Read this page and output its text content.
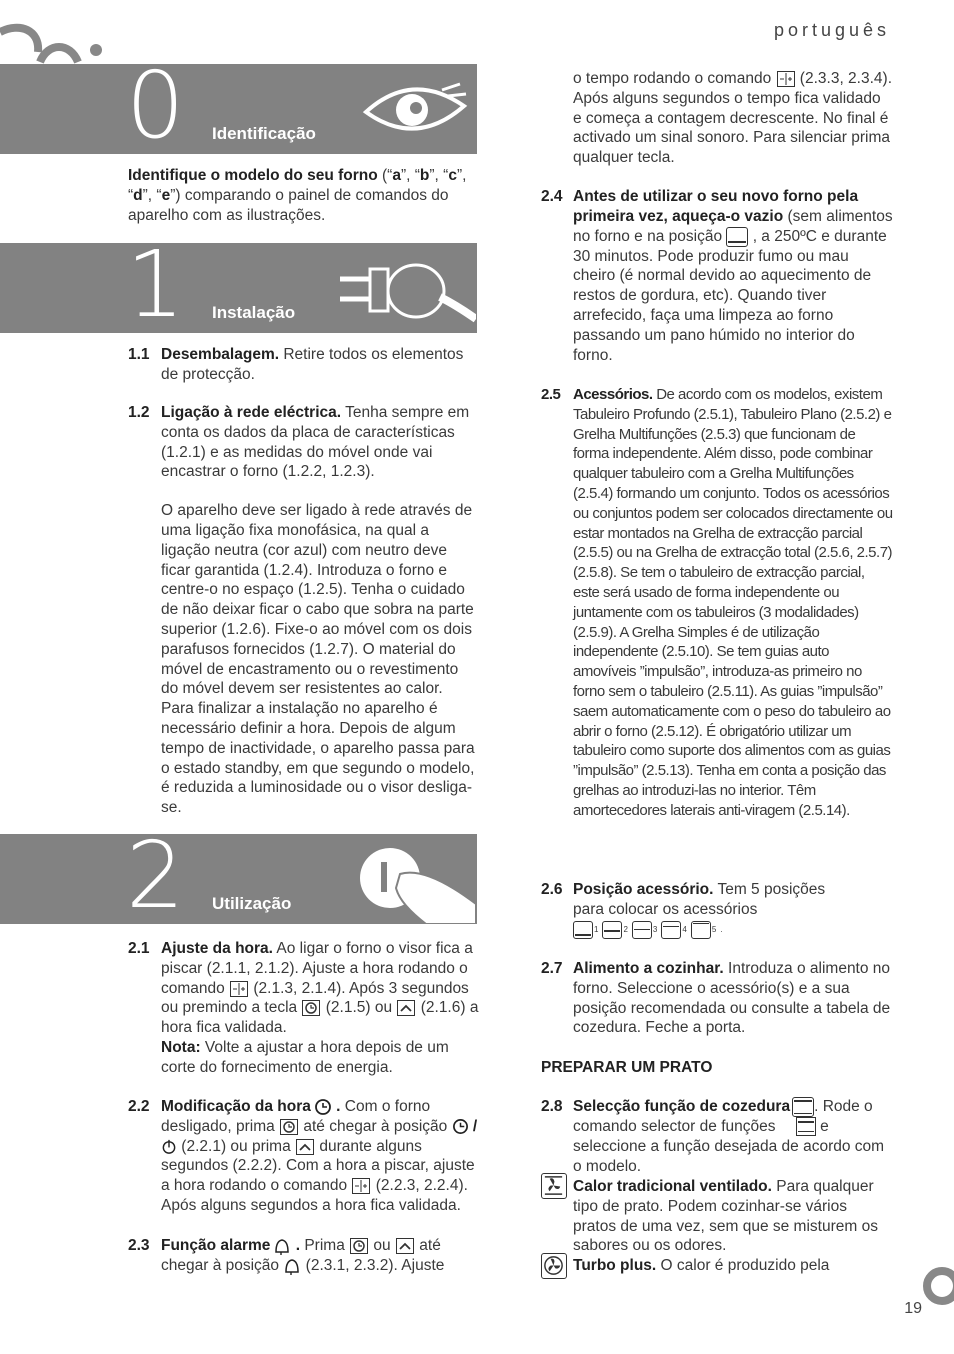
português
0 Identificação
Identifique o modelo do seu forno (“a”, “b”, “c”, “d”, “e”) comparando o painel de comandos do aparelho com as ilustrações.
1 Instalação
1.1 Desembalagem. Retire todos os elementos de protecção.
1.2 Ligação à rede eléctrica. Tenha sempre em conta os dados da placa de características (1.2.1) e as medidas do móvel onde vai encastrar o forno (1.2.2, 1.2.3).
O aparelho deve ser ligado à rede através de uma ligação fixa monofásica, na qual a ligação neutra (cor azul) com neutro deve ficar garantida (1.2.4). Introduza o forno e centre-o no espaço (1.2.5). Tenha o cuidado de não deixar ficar o cabo que sobra na parte superior (1.2.6). Fixe-o ao móvel com os dois parafusos fornecidos (1.2.7). O material do móvel de encastramento ou o revestimento do móvel devem ser resistentes ao calor. Para finalizar a instalação no aparelho é necessário definir a hora. Depois de algum tempo de inactividade, o aparelho passa para o estado standby, em que segundo o modelo, é reduzida a luminosidade ou o visor desliga-se.
2 Utilização
2.1 Ajuste da hora. Ao ligar o forno o visor fica a piscar (2.1.1, 2.1.2). Ajuste a hora rodando o comando
(2.1.3, 2.1.4). Após 3 segundos ou premindo a tecla
(2.1.5) ou
(2.1.6) a hora fica validada.
Nota: Volte a ajustar a hora depois de um corte do fornecimento de energia.
2.2 Modificação da hora . Com o forno desligado, prima
até chegar à posição  /  (2.2.1) ou prima
durante alguns segundos (2.2.2). Com a hora a piscar, ajuste a hora rodando o comando
(2.2.3, 2.2.4). Após alguns segundos a hora fica validada.
2.3 Função alarme . Prima
ou
até chegar à posição  (2.3.1, 2.3.2). Ajuste
o tempo rodando o comando
(2.3.3, 2.3.4). Após alguns segundos o tempo fica validado e começa a contagem decrescente. No final é activado um sinal sonoro. Para silenciar prima qualquer tecla.
2.4 Antes de utilizar o seu novo forno pela primeira vez, aqueça-o vazio (sem alimentos no forno e na posição
, a 250ºC e durante 30 minutos. Pode produzir fumo ou mau cheiro (é normal devido ao aquecimento de restos de gordura, etc). Quando tiver arrefecido, faça uma limpeza ao forno passando um pano húmido no interior do forno.
2.5 Acessórios. De acordo com os modelos, existem Tabuleiro Profundo (2.5.1), Tabuleiro Plano (2.5.2) e Grelha Multifunções (2.5.3) que funcionam de forma independente. Além disso, pode combinar qualquer tabuleiro com a Grelha Multifunções (2.5.4) formando um conjunto. Todos os acessórios ou conjuntos podem ser colocados directamente ou estar montados na Grelha de extracção parcial (2.5.5) ou na Grelha de extracção total (2.5.6, 2.5.7) (2.5.8). Se tem o tabuleiro de extracção parcial, este será usado de forma independente ou juntamente com os tabuleiros (3 modalidades) (2.5.9). A Grelha Simples é de utilização independente (2.5.10). Se tem guias auto amovíveis ”impulsão”, introduza-as primeiro no forno sem o tabuleiro (2.5.11). As guias ”impulsão” saem automaticamente com o peso do tabuleiro ao abrir o forno (2.5.12). É obrigatório utilizar um tabuleiro como suporte dos alimentos com as guias ”impulsão” (2.5.13). Tenha em conta a posição das grelhas ao introduzi-las no interior. Têm amortecedores laterais anti-viragem (2.5.14).
2.6 Posição acessório. Tem 5 posições para colocar os acessórios

1	2	3	4	5 .
2.7 Alimento a cozinhar. Introduza o alimento no forno. Seleccione o acessório(s) e a sua posição recomendada ou consulte a tabela de cozedura. Feche a porta.
PREPARAR UM PRATO
2.8 Selecção função de cozedura . Rode o comando selector de funções
e seleccione a função desejada de acordo com o modelo.
Calor tradicional ventilado. Para qualquer tipo de prato. Podem cozinhar-se vários pratos de uma vez, sem que se misturem os sabores ou os odores.
Turbo plus. O calor é produzido pela
19
